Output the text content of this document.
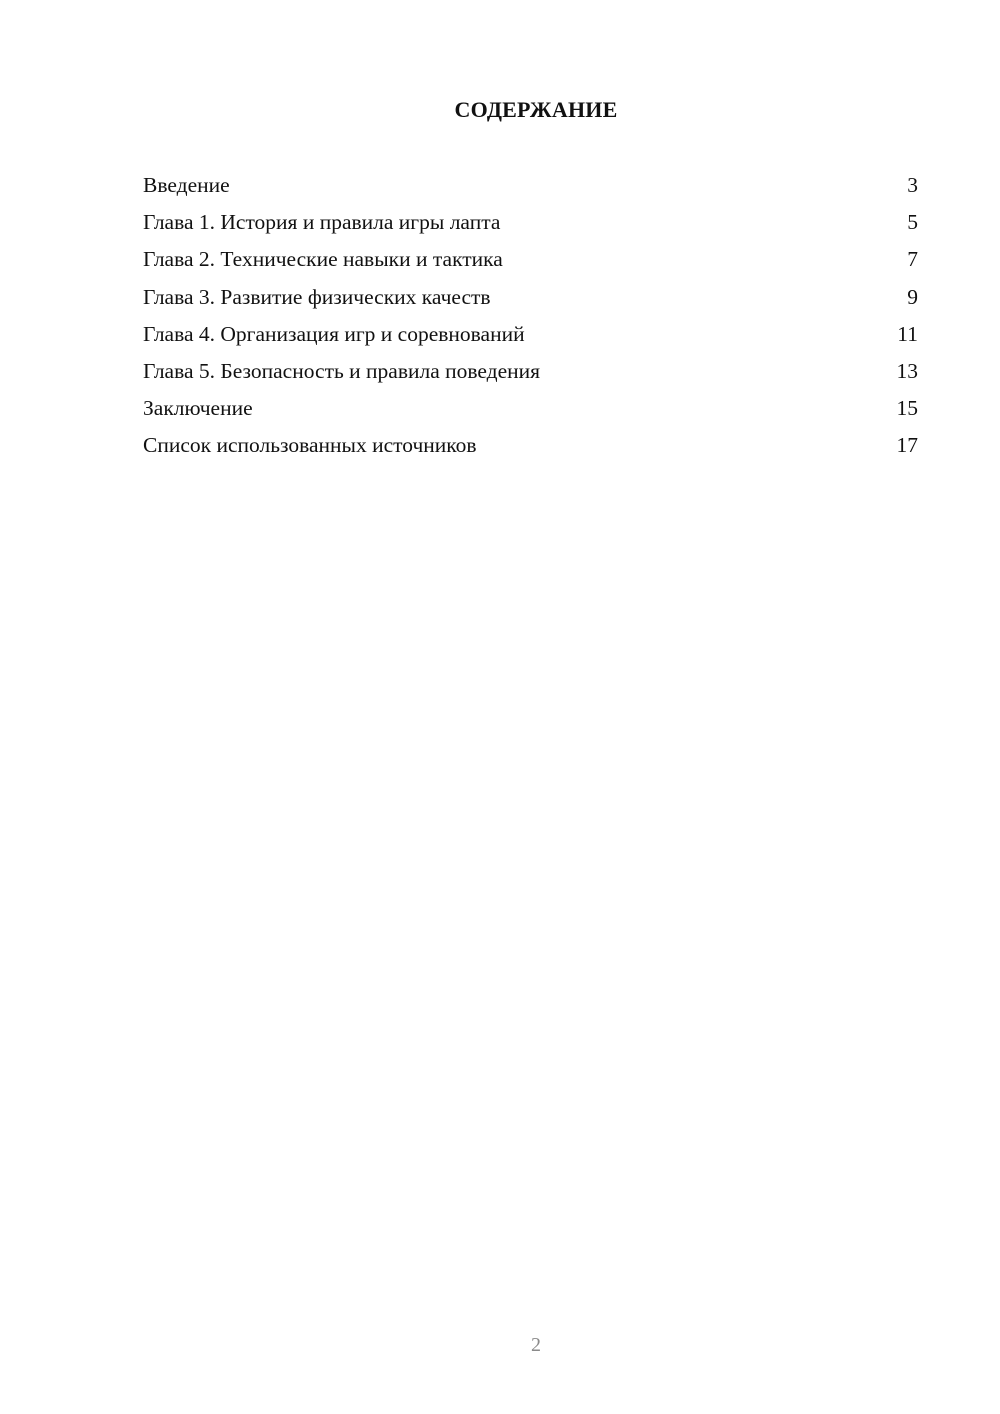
СОДЕРЖАНИЕ
Введение	3
Глава 1. История и правила игры лапта	5
Глава 2. Технические навыки и тактика	7
Глава 3. Развитие физических качеств	9
Глава 4. Организация игр и соревнований	11
Глава 5. Безопасность и правила поведения	13
Заключение	15
Список использованных источников	17
2
